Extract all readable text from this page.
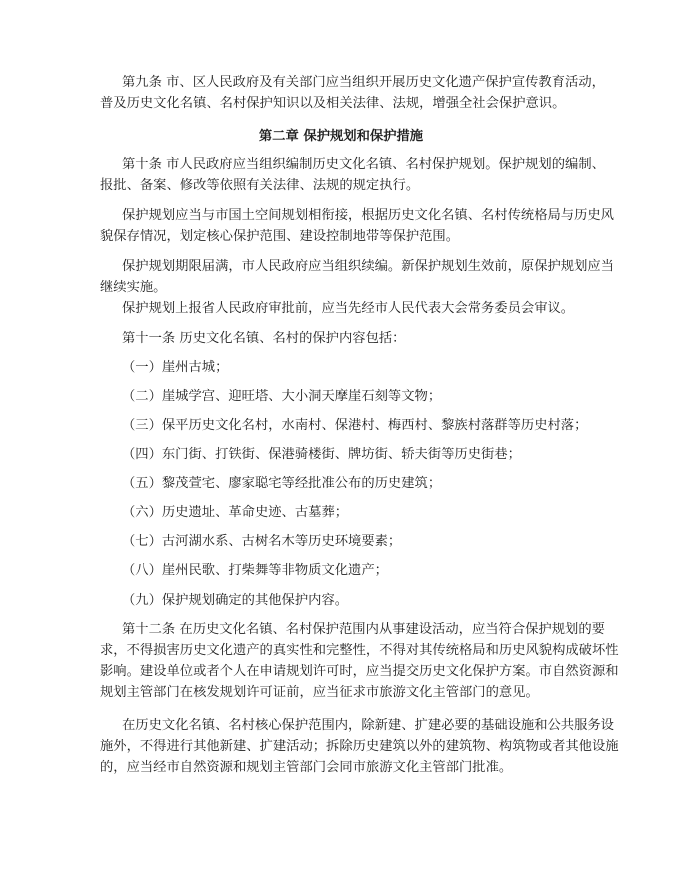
第九条 市、区人民政府及有关部门应当组织开展历史文化遗产保护宣传教育活动，
普及历史文化名镇、名村保护知识以及相关法律、法规，增强全社会保护意识。
第二章 保护规划和保护措施
第十条 市人民政府应当组织编制历史文化名镇、名村保护规划。保护规划的编制、
报批、备案、修改等依照有关法律、法规的规定执行。
保护规划应当与市国土空间规划相衔接，根据历史文化名镇、名村传统格局与历史风
貌保存情况，划定核心保护范围、建设控制地带等保护范围。
保护规划期限届满，市人民政府应当组织续编。新保护规划生效前，原保护规划应当
继续实施。
保护规划上报省人民政府审批前，应当先经市人民代表大会常务委员会审议。
第十一条 历史文化名镇、名村的保护内容包括：
（一）崖州古城；
（二）崖城学宫、迎旺塔、大小洞天摩崖石刻等文物；
（三）保平历史文化名村，水南村、保港村、梅西村、黎族村落群等历史村落；
（四）东门街、打铁街、保港骑楼街、牌坊街、轿夫街等历史街巷；
（五）黎茂萱宅、廖家聪宅等经批准公布的历史建筑；
（六）历史遗址、革命史迹、古墓葬；
（七）古河湖水系、古树名木等历史环境要素；
（八）崖州民歌、打柴舞等非物质文化遗产；
（九）保护规划确定的其他保护内容。
第十二条 在历史文化名镇、名村保护范围内从事建设活动，应当符合保护规划的要
求，不得损害历史文化遗产的真实性和完整性，不得对其传统格局和历史风貌构成破坏性
影响。建设单位或者个人在申请规划许可时，应当提交历史文化保护方案。市自然资源和
规划主管部门在核发规划许可证前，应当征求市旅游文化主管部门的意见。
在历史文化名镇、名村核心保护范围内，除新建、扩建必要的基础设施和公共服务设
施外，不得进行其他新建、扩建活动；拆除历史建筑以外的建筑物、构筑物或者其他设施
的，应当经市自然资源和规划主管部门会同市旅游文化主管部门批准。
